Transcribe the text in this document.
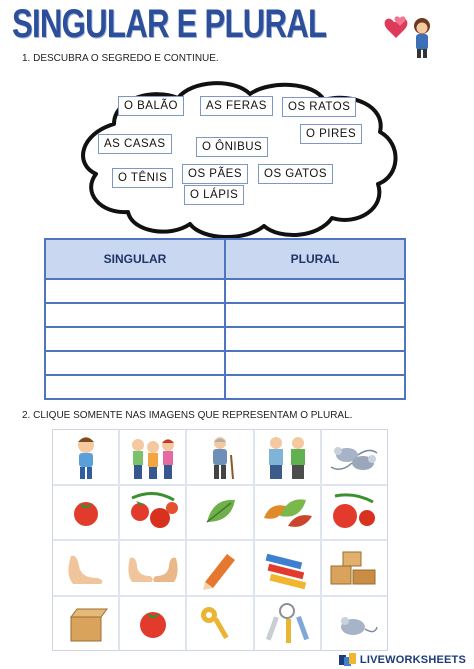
SINGULAR E PLURAL
1. DESCUBRA O SEGREDO E CONTINUE.
O BALÃO	AS FERAS	OS RATOS
O PIRES
AS CASAS	O ÔNIBUS
O TÊNIS	OS PÃES	OS GATOS
O LÁPIS
SINGULAR	PLURAL

2. CLIQUE SOMENTE NAS IMAGENS QUE REPRESENTAM O PLURAL.
LIVEWORKSHEETS
